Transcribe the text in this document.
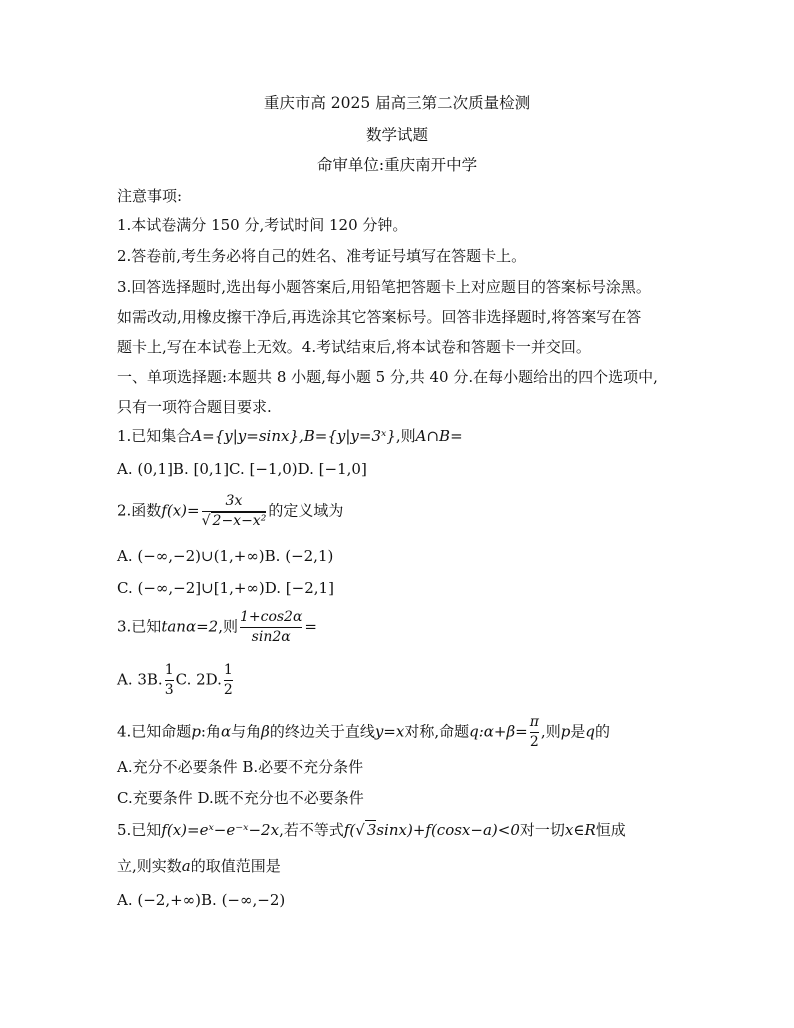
重庆市高 2025 届高三第二次质量检测
数学试题
命审单位:重庆南开中学
注意事项:
1.本试卷满分 150 分,考试时间 120 分钟。
2.答卷前,考生务必将自己的姓名、准考证号填写在答题卡上。
3.回答选择题时,选出每小题答案后,用铅笔把答题卡上对应题目的答案标号涂黑。
如需改动,用橡皮擦干净后,再选涂其它答案标号。回答非选择题时,将答案写在答
题卡上,写在本试卷上无效。4.考试结束后,将本试卷和答题卡一并交回。
一、单项选择题:本题共 8 小题,每小题 5 分,共 40 分.在每小题给出的四个选项中,
只有一项符合题目要求.
1.已知集合A={y|y=sinx},B={y|y=3ˣ},则A∩B=
A. (0,1]B. [0,1]C. [−1,0)D. [−1,0]
2.函数$f(x)= \frac{3x}{\text{√ 2−x−x²}}$ 的定义域为
A. (−∞,−2)∪(1,+∞)B. (−2,1)
C. (−∞,−2]∪[1,+∞)D. [−2,1]
3.已知tanα=2,则 $\frac{1+\cos 2\alpha}{\sin 2\alpha}$ =
A. 3B. $\frac{1}{3} C$. 2D. $\frac{1}{2}$
4.已知命题p:角α与角β的终边关于直线y=x对称,命题q:α+β= $\frac{\pi}{2}$ ,则p是q的
A.充分不必要条件 B.必要不充分条件
C.充要条件 D.既不充分也不必要条件
5.已知f(x)=eˣ−e⁻ˣ−2x,若不等式f(√ 3sinx)+f(cosx−a)<0对一切x∈R恒成
立,则实数a的取值范围是
A. (−2,+∞)B. (−∞,−2)
